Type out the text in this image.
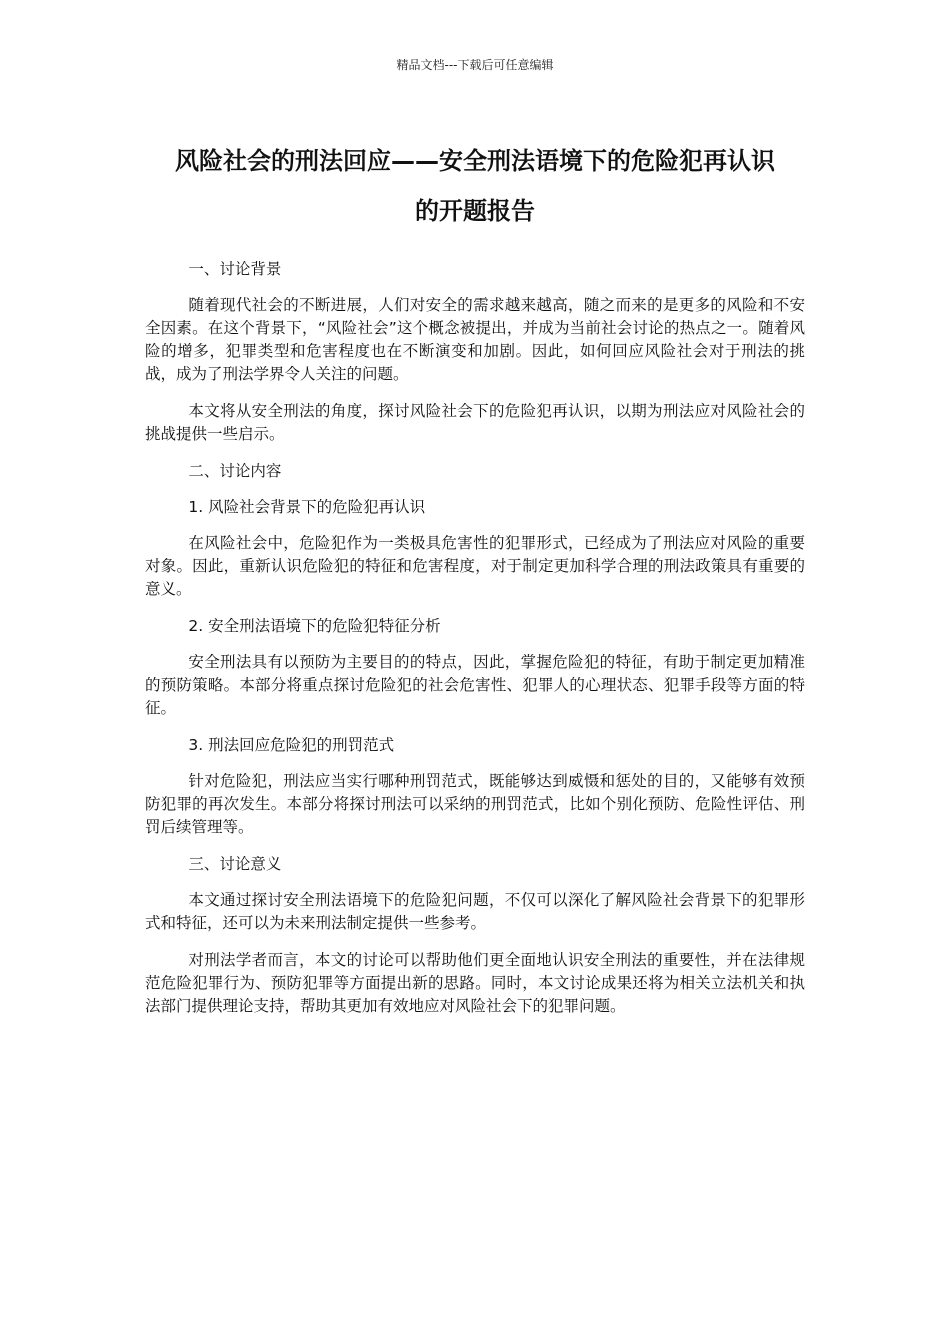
精品文档---下载后可任意编辑
风险社会的刑法回应——安全刑法语境下的危险犯再认识
的开题报告

一、讨论背景

随着现代社会的不断进展，人们对安全的需求越来越高，随之而来的是更多的风险和不安全因素。在这个背景下，“风险社会”这个概念被提出，并成为当前社会讨论的热点之一。随着风险的增多，犯罪类型和危害程度也在不断演变和加剧。因此，如何回应风险社会对于刑法的挑战，成为了刑法学界令人关注的问题。

本文将从安全刑法的角度，探讨风险社会下的危险犯再认识，以期为刑法应对风险社会的挑战提供一些启示。

二、讨论内容

1. 风险社会背景下的危险犯再认识

在风险社会中，危险犯作为一类极具危害性的犯罪形式，已经成为了刑法应对风险的重要对象。因此，重新认识危险犯的特征和危害程度，对于制定更加科学合理的刑法政策具有重要的意义。

2. 安全刑法语境下的危险犯特征分析

安全刑法具有以预防为主要目的的特点，因此，掌握危险犯的特征，有助于制定更加精准的预防策略。本部分将重点探讨危险犯的社会危害性、犯罪人的心理状态、犯罪手段等方面的特征。

3. 刑法回应危险犯的刑罚范式

针对危险犯，刑法应当实行哪种刑罚范式，既能够达到威慑和惩处的目的，又能够有效预防犯罪的再次发生。本部分将探讨刑法可以采纳的刑罚范式，比如个别化预防、危险性评估、刑罚后续管理等。

三、讨论意义

本文通过探讨安全刑法语境下的危险犯问题，不仅可以深化了解风险社会背景下的犯罪形式和特征，还可以为未来刑法制定提供一些参考。

对刑法学者而言，本文的讨论可以帮助他们更全面地认识安全刑法的重要性，并在法律规范危险犯罪行为、预防犯罪等方面提出新的思路。同时，本文讨论成果还将为相关立法机关和执法部门提供理论支持，帮助其更加有效地应对风险社会下的犯罪问题。
